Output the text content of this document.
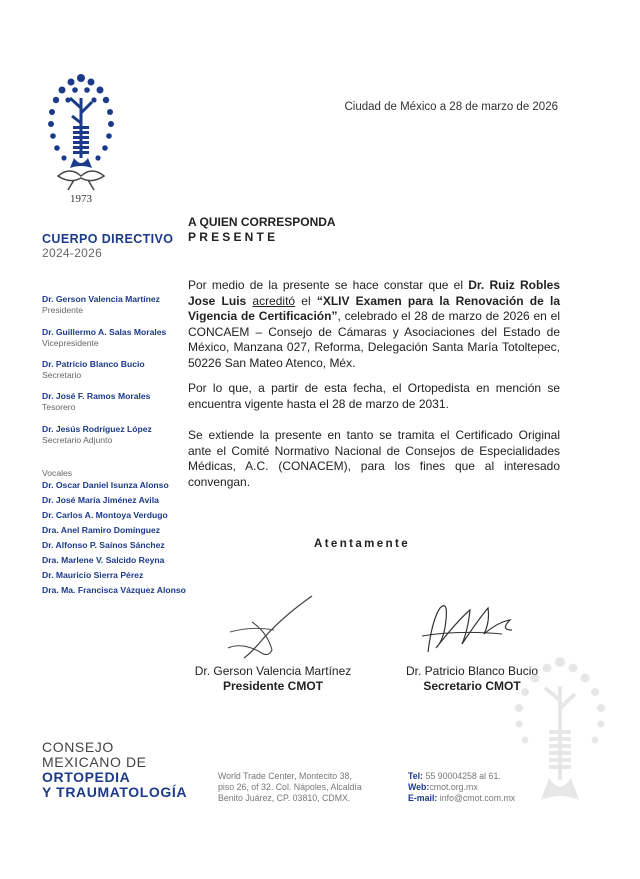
1973
Ciudad de México a 28 de marzo de 2026
CUERPO DIRECTIVO
2024-2026
Dr. Gerson Valencia Martínez
Presidente
Dr. Guillermo A. Salas Morales
Vicepresidente
Dr. Patricio Blanco Bucio
Secretario
Dr. José F. Ramos Morales
Tesorero
Dr. Jesús Rodríguez López
Secretario Adjunto
Vocales
Dr. Oscar Daniel Isunza Alonso
Dr. José María Jiménez Avila
Dr. Carlos A. Montoya Verdugo
Dra. Anel Ramiro Domínguez
Dr. Alfonso P. Saínos Sánchez
Dra. Marlene V. Salcido Reyna
Dr. Mauricio Sierra Pérez
Dra. Ma. Francisca Vázquez Alonso
A QUIEN CORRESPONDA
PRESENTE
Por medio de la presente se hace constar que el Dr. Ruiz Robles Jose Luis acreditó el “XLIV Examen para la Renovación de la Vigencia de Certificación”, celebrado el 28 de marzo de 2026 en el CONCAEM – Consejo de Cámaras y Asociaciones del Estado de México, Manzana 027, Reforma, Delegación Santa María Totoltepec, 50226 San Mateo Atenco, Méx.
Por lo que, a partir de esta fecha, el Ortopedista en mención se encuentra vigente hasta el 28 de marzo de 2031.
Se extiende la presente en tanto se tramita el Certificado Original ante el Comité Normativo Nacional de Consejos de Especialidades Médicas, A.C. (CONACEM), para los fines que al interesado convengan.
Atentamente
Dr. Gerson Valencia Martínez
Presidente CMOT
Dr. Patricio Blanco Bucio
Secretario CMOT
CONSEJO
MEXICANO DE
ORTOPEDIA
Y TRAUMATOLOGÍA
World Trade Center, Montecito 38,
piso 26, of 32. Col. Nápoles, Alcaldía
Benito Juárez, CP. 03810, CDMX.
Tel: 55 90004258 al 61.
Web:cmot.org.mx
E-mail: info@cmot.com.mx
